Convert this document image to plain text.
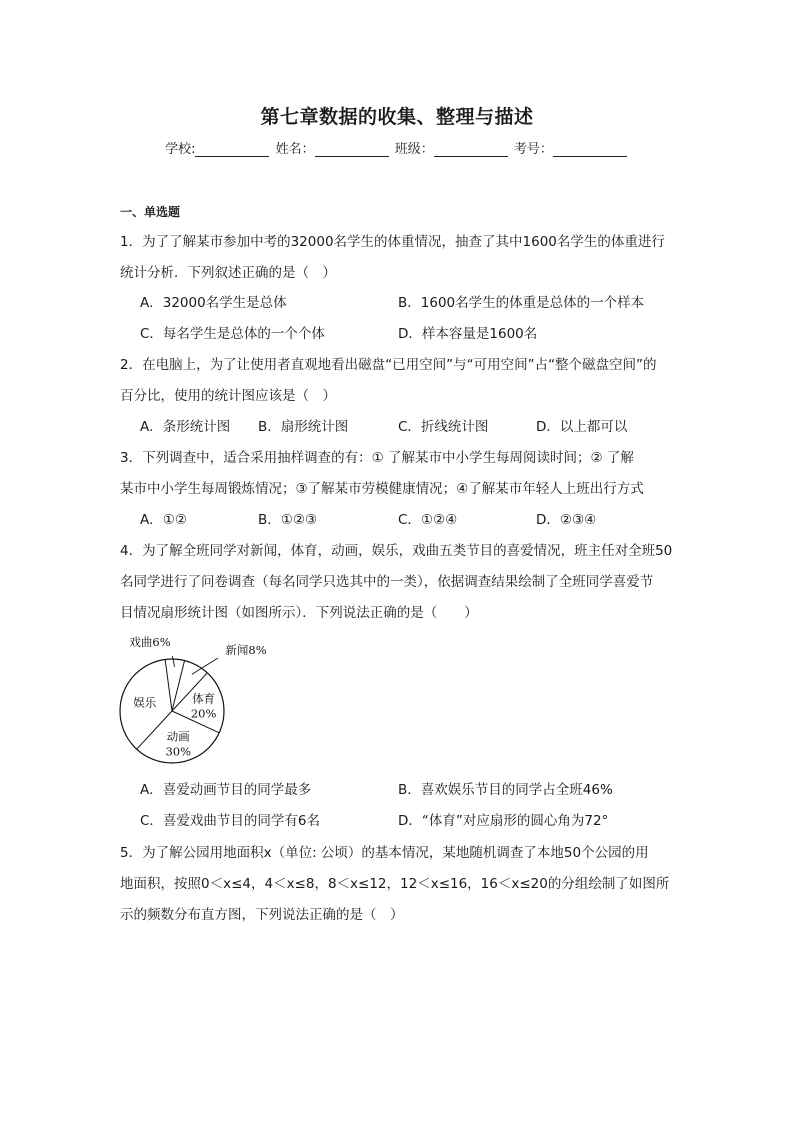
第七章数据的收集、整理与描述
学校:	姓名：	班级：	考号：
一、单选题
1．为了了解某市参加中考的32000名学生的体重情况，抽查了其中1600名学生的体重进行
统计分析．下列叙述正确的是（　）
A．32000名学生是总体	B．1600名学生的体重是总体的一个样本
C．每名学生是总体的一个个体	D．样本容量是1600名
2．在电脑上，为了让使用者直观地看出磁盘“已用空间”与“可用空间”占“整个磁盘空间”的
百分比，使用的统计图应该是（　）
A．条形统计图 B．扇形统计图	C．折线统计图	D．以上都可以
3．下列调查中，适合采用抽样调查的有：① 了解某市中小学生每周阅读时间；② 了解
某市中小学生每周锻炼情况；③了解某市劳模健康情况；④了解某市年轻人上班出行方式
A．①②	B．①②③	C．①②④	D．②③④
4．为了解全班同学对新闻，体育，动画，娱乐，戏曲五类节目的喜爱情况，班主任对全班50
名同学进行了问卷调查（每名同学只选其中的一类），依据调查结果绘制了全班同学喜爱节
目情况扇形统计图（如图所示）．下列说法正确的是（　　）
戏曲6%
新闻8%
体育
20%
动画
30%
娱乐
A．喜爱动画节目的同学最多	B．喜欢娱乐节目的同学占全班46%
C．喜爱戏曲节目的同学有6名	D．“体育”对应扇形的圆心角为72°
5．为了解公园用地面积x（单位: 公顷）的基本情况，某地随机调查了本地50个公园的用
地面积，按照0＜x≤4，4＜x≤8，8＜x≤12，12＜x≤16，16＜x≤20的分组绘制了如图所
示的频数分布直方图，下列说法正确的是（　）
